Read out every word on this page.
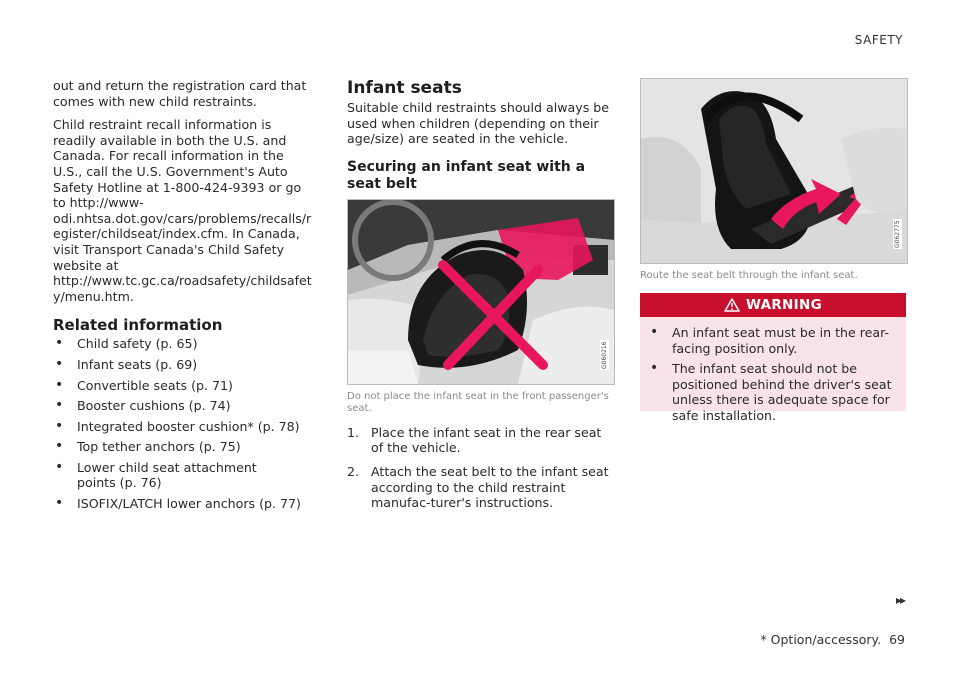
SAFETY

out and return the registration card that comes with new child restraints.

Child restraint recall information is readily available in both the U.S. and Canada. For recall information in the U.S., call the U.S. Government's Auto Safety Hotline at 1-800-424-9393 or go to http://www-odi.nhtsa.dot.gov/cars/problems/recalls/register/childseat/index.cfm. In Canada, visit Transport Canada's Child Safety website at http://www.tc.gc.ca/roadsafety/childsafety/menu.htm.

Related information
• Child safety (p. 65)
• Infant seats (p. 69)
• Convertible seats (p. 71)
• Booster cushions (p. 74)
• Integrated booster cushion* (p. 78)
• Top tether anchors (p. 75)
• Lower child seat attachment points (p. 76)
• ISOFIX/LATCH lower anchors (p. 77)
Infant seats

Suitable child restraints should always be used when children (depending on their age/size) are seated in the vehicle.

Securing an infant seat with a seat belt
G060216
Do not place the infant seat in the front passenger's seat.
1. Place the infant seat in the rear seat of the vehicle.
2. Attach the seat belt to the infant seat according to the child restraint manufac-turer's instructions.
G062775
Route the seat belt through the infant seat.
WARNING
• An infant seat must be in the rear-facing position only.
• The infant seat should not be positioned behind the driver's seat unless there is adequate space for safe installation.
▸▸
* Option/accessory. 69
